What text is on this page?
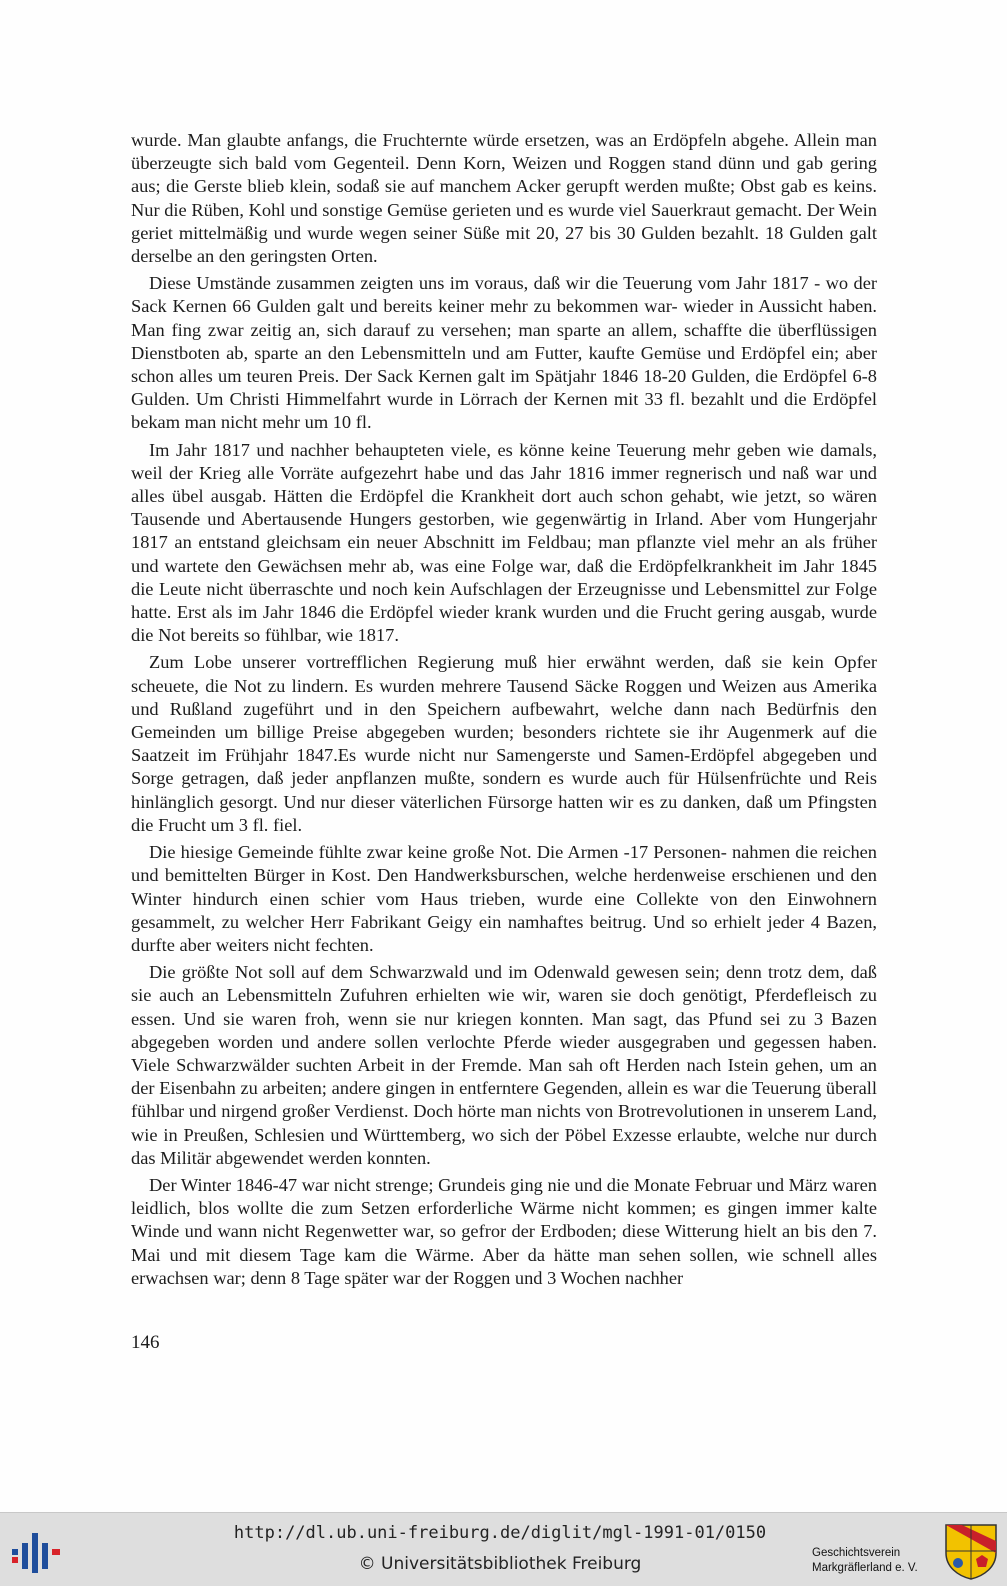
wurde. Man glaubte anfangs, die Fruchternte würde ersetzen, was an Erdöpfeln abgehe. Allein man überzeugte sich bald vom Gegenteil. Denn Korn, Weizen und Roggen stand dünn und gab gering aus; die Gerste blieb klein, sodaß sie auf manchem Acker gerupft werden mußte; Obst gab es keins. Nur die Rüben, Kohl und sonstige Gemüse gerieten und es wurde viel Sauerkraut gemacht. Der Wein geriet mittelmäßig und wurde wegen seiner Süße mit 20, 27 bis 30 Gulden bezahlt. 18 Gulden galt derselbe an den geringsten Orten.

Diese Umstände zusammen zeigten uns im voraus, daß wir die Teuerung vom Jahr 1817 - wo der Sack Kernen 66 Gulden galt und bereits keiner mehr zu bekommen war- wieder in Aussicht haben. Man fing zwar zeitig an, sich darauf zu versehen; man sparte an allem, schaffte die überflüssigen Dienstboten ab, sparte an den Lebensmitteln und am Futter, kaufte Gemüse und Erdöpfel ein; aber schon alles um teuren Preis. Der Sack Kernen galt im Spätjahr 1846 18-20 Gulden, die Erdöpfel 6-8 Gulden. Um Christi Himmelfahrt wurde in Lörrach der Kernen mit 33 fl. bezahlt und die Erdöpfel bekam man nicht mehr um 10 fl.

Im Jahr 1817 und nachher behaupteten viele, es könne keine Teuerung mehr geben wie damals, weil der Krieg alle Vorräte aufgezehrt habe und das Jahr 1816 immer regnerisch und naß war und alles übel ausgab. Hätten die Erdöpfel die Krankheit dort auch schon gehabt, wie jetzt, so wären Tausende und Abertausende Hungers gestorben, wie gegenwärtig in Irland. Aber vom Hungerjahr 1817 an entstand gleichsam ein neuer Abschnitt im Feldbau; man pflanzte viel mehr an als früher und wartete den Gewächsen mehr ab, was eine Folge war, daß die Erdöpfelkrankheit im Jahr 1845 die Leute nicht überraschte und noch kein Aufschlagen der Erzeugnisse und Lebensmittel zur Folge hatte. Erst als im Jahr 1846 die Erdöpfel wieder krank wurden und die Frucht gering ausgab, wurde die Not bereits so fühlbar, wie 1817.

Zum Lobe unserer vortrefflichen Regierung muß hier erwähnt werden, daß sie kein Opfer scheuete, die Not zu lindern. Es wurden mehrere Tausend Säcke Roggen und Weizen aus Amerika und Rußland zugeführt und in den Speichern aufbewahrt, welche dann nach Bedürfnis den Gemeinden um billige Preise abgegeben wurden; besonders richtete sie ihr Augenmerk auf die Saatzeit im Frühjahr 1847.Es wurde nicht nur Samengerste und Samen-Erdöpfel abgegeben und Sorge getragen, daß jeder anpflanzen mußte, sondern es wurde auch für Hülsenfrüchte und Reis hinlänglich gesorgt. Und nur dieser väterlichen Fürsorge hatten wir es zu danken, daß um Pfingsten die Frucht um 3 fl. fiel.

Die hiesige Gemeinde fühlte zwar keine große Not. Die Armen -17 Personen- nahmen die reichen und bemittelten Bürger in Kost. Den Handwerksburschen, welche herdenweise erschienen und den Winter hindurch einen schier vom Haus trieben, wurde eine Collekte von den Einwohnern gesammelt, zu welcher Herr Fabrikant Geigy ein namhaftes beitrug. Und so erhielt jeder 4 Bazen, durfte aber weiters nicht fechten.

Die größte Not soll auf dem Schwarzwald und im Odenwald gewesen sein; denn trotz dem, daß sie auch an Lebensmitteln Zufuhren erhielten wie wir, waren sie doch genötigt, Pferdefleisch zu essen. Und sie waren froh, wenn sie nur kriegen konnten. Man sagt, das Pfund sei zu 3 Bazen abgegeben worden und andere sollen verlochte Pferde wieder ausgegraben und gegessen haben. Viele Schwarzwälder suchten Arbeit in der Fremde. Man sah oft Herden nach Istein gehen, um an der Eisenbahn zu arbeiten; andere gingen in entferntere Gegenden, allein es war die Teuerung überall fühlbar und nirgend großer Verdienst. Doch hörte man nichts von Brotrevolutionen in unserem Land, wie in Preußen, Schlesien und Württemberg, wo sich der Pöbel Exzesse erlaubte, welche nur durch das Militär abgewendet werden konnten.

Der Winter 1846-47 war nicht strenge; Grundeis ging nie und die Monate Februar und März waren leidlich, blos wollte die zum Setzen erforderliche Wärme nicht kommen; es gingen immer kalte Winde und wann nicht Regenwetter war, so gefror der Erdboden; diese Witterung hielt an bis den 7. Mai und mit diesem Tage kam die Wärme. Aber da hätte man sehen sollen, wie schnell alles erwachsen war; denn 8 Tage später war der Roggen und 3 Wochen nachher

146
http://dl.ub.uni-freiburg.de/diglit/mgl-1991-01/0150
© Universitätsbibliothek Freiburg
Geschichtsverein
Markgräflerland e. V.
